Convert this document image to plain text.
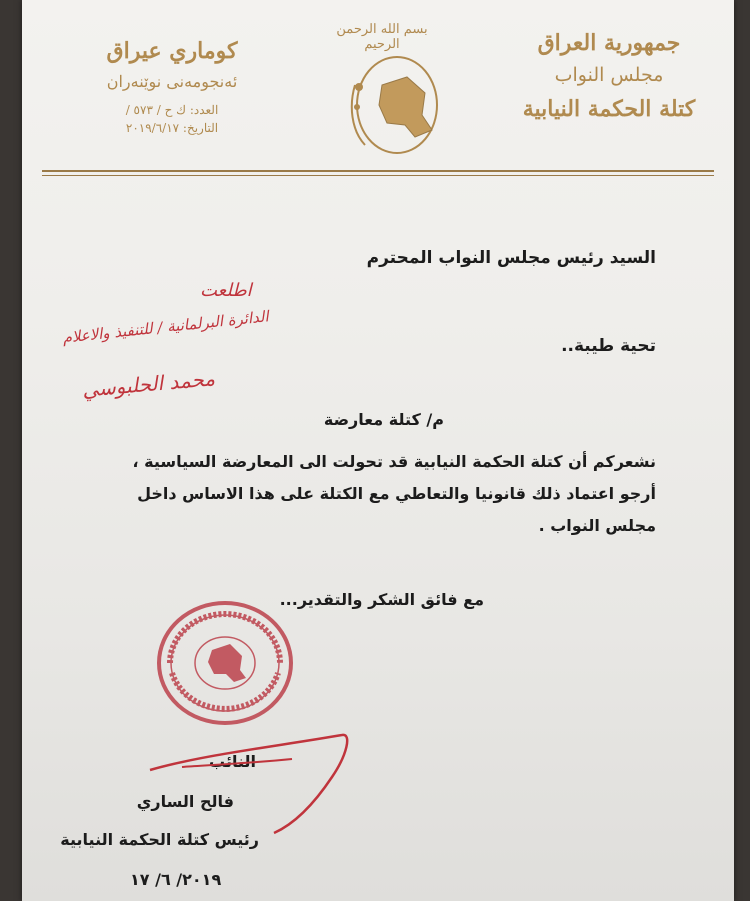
جمهورية العراق
مجلس النواب
كتلة الحكمة النيابية
بسم الله الرحمن الرحيم
كوماري عيراق
ئەنجومەنی نوێنەران
العدد: ك ح / ٥٧٣ /
التاريخ: ٢٠١٩/٦/١٧
السيد رئيس مجلس النواب المحترم
تحية طيبة..
م/ كتلة معارضة
نشعركم أن كتلة الحكمة النيابية قد تحولت الى المعارضة السياسية ،
أرجو اعتماد ذلك قانونيا والتعاطي مع الكتلة على هذا الاساس داخل
مجلس النواب .
مع فائق الشكر والتقدير...
النائب
فالح الساري
رئيس كتلة الحكمة النيابية
٢٠١٩/ ٦/ ١٧
اطلعت
الدائرة البرلمانية / للتنفيذ والاعلام
محمد الحلبوسي
